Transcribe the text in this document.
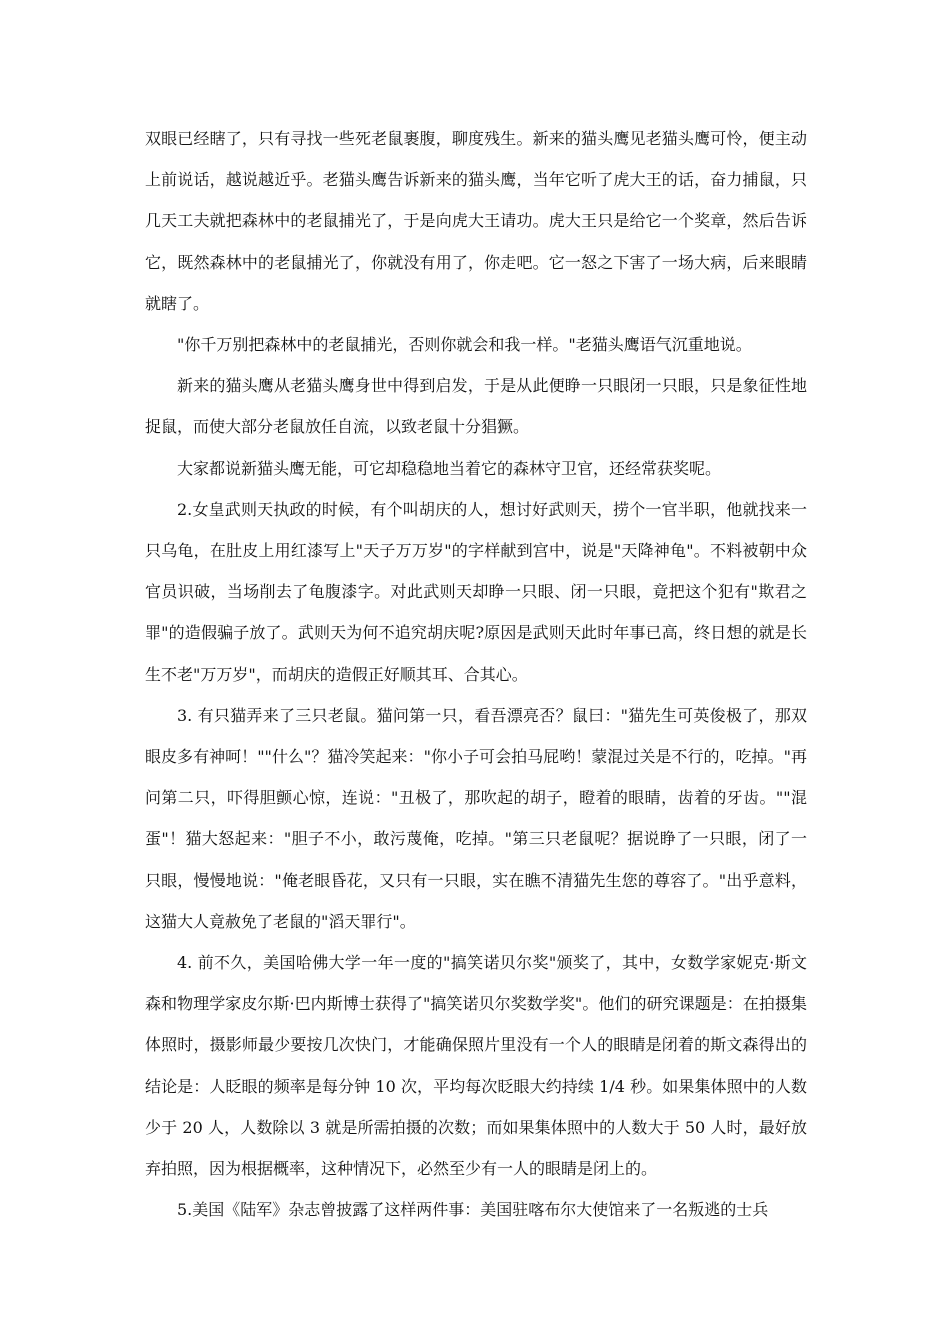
双眼已经瞎了，只有寻找一些死老鼠裹腹，聊度残生。新来的猫头鹰见老猫头鹰可怜，便主动上前说话，越说越近乎。老猫头鹰告诉新来的猫头鹰，当年它听了虎大王的话，奋力捕鼠，只几天工夫就把森林中的老鼠捕光了，于是向虎大王请功。虎大王只是给它一个奖章，然后告诉它，既然森林中的老鼠捕光了，你就没有用了，你走吧。它一怒之下害了一场大病，后来眼睛就瞎了。

"你千万别把森林中的老鼠捕光，否则你就会和我一样。"老猫头鹰语气沉重地说。

新来的猫头鹰从老猫头鹰身世中得到启发，于是从此便睁一只眼闭一只眼，只是象征性地捉鼠，而使大部分老鼠放任自流，以致老鼠十分猖獗。

大家都说新猫头鹰无能，可它却稳稳地当着它的森林守卫官，还经常获奖呢。

2.女皇武则天执政的时候，有个叫胡庆的人，想讨好武则天，捞个一官半职，他就找来一只乌龟，在肚皮上用红漆写上"天子万万岁"的字样献到宫中，说是"天降神龟"。不料被朝中众官员识破，当场削去了龟腹漆字。对此武则天却睁一只眼、闭一只眼，竟把这个犯有"欺君之罪"的造假骗子放了。武则天为何不追究胡庆呢?原因是武则天此时年事已高，终日想的就是长生不老"万万岁"，而胡庆的造假正好顺其耳、合其心。

3. 有只猫弄来了三只老鼠。猫问第一只，看吾漂亮否？鼠曰："猫先生可英俊极了，那双眼皮多有神呵！""什么"？猫冷笑起来："你小子可会拍马屁哟！蒙混过关是不行的，吃掉。"再问第二只，吓得胆颤心惊，连说："丑极了，那吹起的胡子，瞪着的眼睛，齿着的牙齿。""混蛋"！猫大怒起来："胆子不小，敢污蔑俺，吃掉。"第三只老鼠呢？据说睁了一只眼，闭了一只眼，慢慢地说："俺老眼昏花，又只有一只眼，实在瞧不清猫先生您的尊容了。"出乎意料，这猫大人竟赦免了老鼠的"滔天罪行"。

4. 前不久，美国哈佛大学一年一度的"搞笑诺贝尔奖"颁奖了，其中，女数学家妮克·斯文森和物理学家皮尔斯·巴内斯博士获得了"搞笑诺贝尔奖数学奖"。他们的研究课题是：在拍摄集体照时，摄影师最少要按几次快门，才能确保照片里没有一个人的眼睛是闭着的斯文森得出的结论是：人眨眼的频率是每分钟 10 次，平均每次眨眼大约持续 1/4 秒。如果集体照中的人数少于 20 人，人数除以 3 就是所需拍摄的次数；而如果集体照中的人数大于 50 人时，最好放弃拍照，因为根据概率，这种情况下，必然至少有一人的眼睛是闭上的。

5.美国《陆军》杂志曾披露了这样两件事：美国驻喀布尔大使馆来了一名叛逃的士兵
